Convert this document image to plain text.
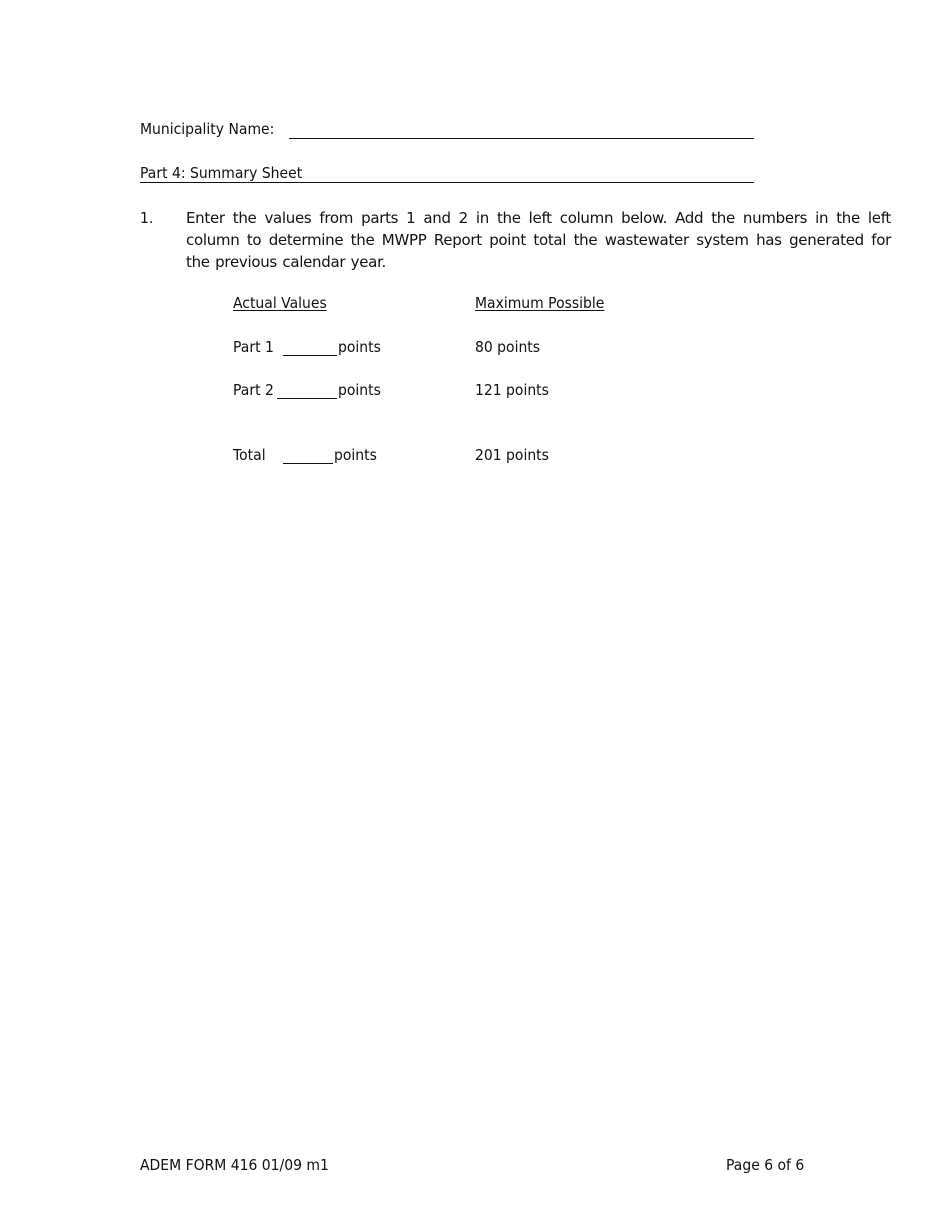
Municipality Name:
Part 4: Summary Sheet
1. Enter the values from parts 1 and 2 in the left column below. Add the numbers in the left column to determine the MWPP Report point total the wastewater system has generated for the previous calendar year.
Actual Values	Maximum Possible
Part 1	points	80 points
Part 2	points	121 points
Total	points	201 points
ADEM FORM 416 01/09 m1	Page 6 of 6
